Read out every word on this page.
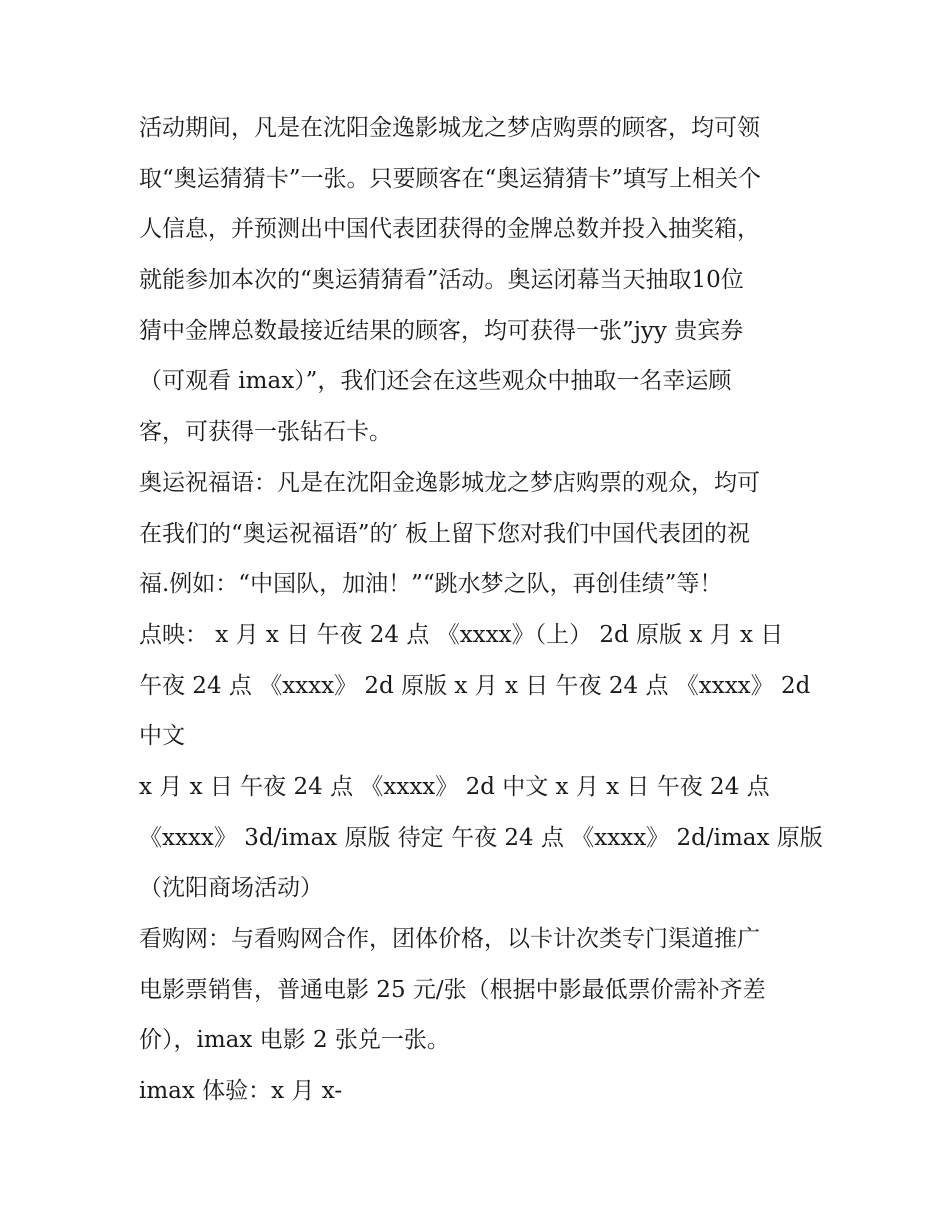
活动期间，凡是在沈阳金逸影城龙之梦店购票的顾客，均可领
取“奥运猜猜卡”一张。只要顾客在“奥运猜猜卡”填写上相关个
人信息，并预测出中国代表团获得的金牌总数并投入抽奖箱，
就能参加本次的“奥运猜猜看”活动。奥运闭幕当天抽取10位
猜中金牌总数最接近结果的顾客，均可获得一张”jyy 贵宾券
（可观看 imax）”，我们还会在这些观众中抽取一名幸运顾
客，可获得一张钻石卡。
奥运祝福语：凡是在沈阳金逸影城龙之梦店购票的观众，均可
在我们的“奥运祝福语”的′ 板上留下您对我们中国代表团的祝
福.例如：“中国队，加油！”“跳水梦之队，再创佳绩”等！
点映： x 月 x 日 午夜 24 点 《xxxx》（上） 2d 原版 x 月 x 日
午夜 24 点 《xxxx》 2d 原版 x 月 x 日 午夜 24 点 《xxxx》 2d
中文
x 月 x 日 午夜 24 点 《xxxx》 2d 中文 x 月 x 日 午夜 24 点
《xxxx》 3d/imax 原版 待定 午夜 24 点 《xxxx》 2d/imax 原版
（沈阳商场活动）
看购网：与看购网合作，团体价格，以卡计次类专门渠道推广
电影票销售，普通电影 25 元/张（根据中影最低票价需补齐差
价），imax 电影 2 张兑一张。
imax 体验：x 月 x-
